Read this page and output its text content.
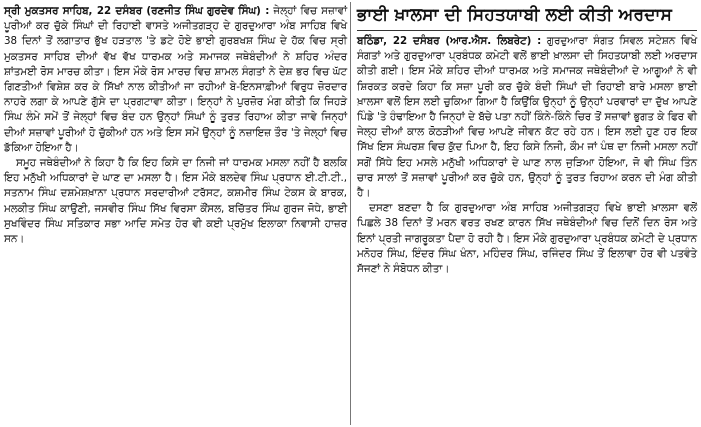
ਸ੍ਰੀ ਮੁਕਤਸਰ ਸਾਹਿਬ, 22 ਦਸੰਬਰ (ਰਣਜੀਤ ਸਿੰਘ ਗੁਰਦੇਵ ਸਿੰਘ) : ਜੇਲ੍ਹਾਂ ਵਿਚ ਸਜ਼ਾਵਾਂ ਪੂਰੀਆਂ ਕਰ ਚੁੱਕੇ ਸਿੰਘਾਂ ਦੀ ਰਿਹਾਈ ਵਾਸਤੇ ਅਜੀਤਗੜ੍ਹ ਦੇ ਗੁਰਦੁਆਰਾ ਅੰਬ ਸਾਹਿਬ ਵਿਖੇ 38 ਦਿਨਾਂ ਤੋਂ ਲਗਾਤਾਰ ਭੁੱਖ ਹੜਤਾਲ 'ਤੇ ਡਟੇ ਹੋਏ ਭਾਈ ਗੁਰਬਖਸ਼ ਸਿੰਘ ਦੇ ਹੱਕ ਵਿਚ ਸ੍ਰੀ ਮੁਕਤਸਰ ਸਾਹਿਬ ਦੀਆਂ ਵੱਖ ਵੱਖ ਧਾਰਮਕ ਅਤੇ ਸਮਾਜਕ ਜਥੇਬੰਦੀਆਂ ਨੇ ਸ਼ਹਿਰ ਅੰਦਰ ਸ਼ਾਂਤਮਈ ਰੋਸ ਮਾਰਚ ਕੀਤਾ। ਇਸ ਮੌਕੇ ਰੋਸ ਮਾਰਚ ਵਿਚ ਸ਼ਾਮਲ ਸੰਗਤਾਂ ਨੇ ਦੇਸ਼ ਭਰ ਵਿਚ ਘੱਟ ਗਿਣਤੀਆਂ ਵਿਸ਼ੇਸ਼ ਕਰ ਕੇ ਸਿੱਖਾਂ ਨਾਲ ਕੀਤੀਆਂ ਜਾ ਰਹੀਆਂ ਬੇ-ਇਨਸਾਫ਼ੀਆਂ ਵਿਰੁਧ ਜ਼ੋਰਦਾਰ ਨਾਹਰੇ ਲਗਾ ਕੇ ਆਪਣੇ ਗੁੱਸੇ ਦਾ ਪ੍ਰਗਟਾਵਾ ਕੀਤਾ। ਇਨ੍ਹਾਂ ਨੇ ਪੁਰਜ਼ੋਰ ਮੰਗ ਕੀਤੀ ਕਿ ਜਿਹੜੇ ਸਿੰਘ ਲੰਮੇ ਸਮੇਂ ਤੋਂ ਜੇਲ੍ਹਾਂ ਵਿਚ ਬੰਦ ਹਨ ਉਨ੍ਹਾਂ ਸਿੰਘਾਂ ਨੂੰ ਤੁਰਤ ਰਿਹਾਅ ਕੀਤਾ ਜਾਵੇ ਜਿਨ੍ਹਾਂ ਦੀਆਂ ਸਜ਼ਾਵਾਂ ਪੂਰੀਆਂ ਹੋ ਚੁੱਕੀਆਂ ਹਨ ਅਤੇ ਇਸ ਸਮੇਂ ਉਨ੍ਹਾਂ ਨੂੰ ਨਜ਼ਾਇਜ਼ ਤੌਰ 'ਤੇ ਜੇਲ੍ਹਾਂ ਵਿਚ ਡੱਕਿਆ ਹੋਇਆ ਹੈ।

ਸਮੂਹ ਜਥੇਬੰਦੀਆਂ ਨੇ ਕਿਹਾ ਹੈ ਕਿ ਇਹ ਕਿਸੇ ਦਾ ਨਿਜੀ ਜਾਂ ਧਾਰਮਕ ਮਸਲਾ ਨਹੀਂ ਹੈ ਬਲਕਿ ਇਹ ਮਨੁੱਖੀ ਅਧਿਕਾਰਾਂ ਦੇ ਘਾਣ ਦਾ ਮਸਲਾ ਹੈ। ਇਸ ਮੌਕੇ ਬਲਦੇਵ ਸਿੰਘ ਪ੍ਰਧਾਨ ਈ.ਟੀ.ਟੀ., ਸਤਨਾਮ ਸਿੰਘ ਦਸ਼ਮੇਸ਼ਖ਼ਾਨਾ ਪ੍ਰਧਾਨ ਸਰਦਾਰੀਆਂ ਟਰੱਸਟ, ਕਸ਼ਮੀਰ ਸਿੰਘ ਟੇਕਸ ਕੇ ਬਾਰਕ, ਮਲਕੀਤ ਸਿੰਘ ਕਾਉਣੀ, ਜਸਵੀਰ ਸਿੰਘ ਸਿੱਖ ਵਿਰਸਾ ਕੌਂਸਲ, ਬਚਿੱਤਰ ਸਿੰਘ ਗੁਰਜ ਜੋਧੇ, ਭਾਈ ਸੁਖਵਿੰਦਰ ਸਿੰਘ ਸਤਿਕਾਰ ਸਭਾ ਆਦਿ ਸਮੇਤ ਹੋਰ ਵੀ ਕਈ ਪ੍ਰਮੁੱਖ ਇਲਾਕਾ ਨਿਵਾਸੀ ਹਾਜ਼ਰ ਸਨ।

ਭਾਈ ਖ਼ਾਲਸਾ ਦੀ ਸਿਹਤਯਾਬੀ ਲਈ ਕੀਤੀ ਅਰਦਾਸ

ਬਠਿੰਡਾ, 22 ਦਸੰਬਰ (ਆਰ.ਐਸ. ਲਿਬਰੇਟ) : ਗੁਰਦੁਆਰਾ ਸੰਗਤ ਸਿਵਲ ਸਟੇਸ਼ਨ ਵਿਖੇ ਸੰਗਤਾਂ ਅਤੇ ਗੁਰਦੁਆਰਾ ਪ੍ਰਬੰਧਕ ਕਮੇਟੀ ਵਲੋਂ ਭਾਈ ਖ਼ਾਲਸਾ ਦੀ ਸਿਹਤਯਾਬੀ ਲਈ ਅਰਦਾਸ ਕੀਤੀ ਗਈ। ਇਸ ਮੌਕੇ ਸ਼ਹਿਰ ਦੀਆਂ ਧਾਰਮਕ ਅਤੇ ਸਮਾਜਕ ਜਥੇਬੰਦੀਆਂ ਦੇ ਆਗੂਆਂ ਨੇ ਵੀ ਸ਼ਿਰਕਤ ਕਰਦੇ ਕਿਹਾ ਕਿ ਸਜ਼ਾ ਪੂਰੀ ਕਰ ਚੁੱਕੇ ਬੰਦੀ ਸਿੰਘਾਂ ਦੀ ਰਿਹਾਈ ਬਾਰੇ ਮਸਲਾ ਭਾਈ ਖ਼ਾਲਸਾ ਵਲੋਂ ਇਸ ਲਈ ਚੁਕਿਆ ਗਿਆ ਹੈ ਕਿਉਂਕਿ ਉਨ੍ਹਾਂ ਨੂੰ ਉਨ੍ਹਾਂ ਪਰਵਾਰਾਂ ਦਾ ਦੁੱਖ ਆਪਣੇ ਪਿੰਡੇ 'ਤੇ ਹੰਢਾਇਆ ਹੈ ਜਿਨ੍ਹਾਂ ਦੇ ਬੱਚੇ ਪਤਾ ਨਹੀਂ ਕਿੰਨੇ-ਕਿੰਨੇ ਚਿਰ ਤੋਂ ਸਜ਼ਾਵਾਂ ਭੁਗਤ ਕੇ ਫਿਰ ਵੀ ਜੇਲ੍ਹ ਦੀਆਂ ਕਾਲ ਕੋਠੜੀਆਂ ਵਿਚ ਆਪਣੇ ਜੀਵਨ ਕੱਟ ਰਹੇ ਹਨ। ਇਸ ਲਈ ਹੁਣ ਹਰ ਇਕ ਸਿੱਖ ਇਸ ਸੰਘਰਸ਼ ਵਿਚ ਕੁੱਦ ਪਿਆ ਹੈ, ਇਹ ਕਿਸੇ ਨਿਜੀ, ਕੌਮ ਜਾਂ ਪੰਥ ਦਾ ਨਿਜੀ ਮਸਲਾ ਨਹੀਂ ਸਗੋਂ ਸਿੱਧੇ ਇਹ ਮਸਲੇ ਮਨੁੱਖੀ ਅਧਿਕਾਰਾਂ ਦੇ ਘਾਣ ਨਾਲ ਜੁੜਿਆ ਹੋਇਆ, ਜੋ ਵੀ ਸਿੰਘ ਤਿੰਨ ਚਾਰ ਸਾਲਾਂ ਤੋਂ ਸਜ਼ਾਵਾਂ ਪੂਰੀਆਂ ਕਰ ਚੁੱਕੇ ਹਨ, ਉਨ੍ਹਾਂ ਨੂੰ ਤੁਰਤ ਰਿਹਾਅ ਕਰਨ ਦੀ ਮੰਗ ਕੀਤੀ ਹੈ।

ਦਸਣਾ ਬਣਦਾ ਹੈ ਕਿ ਗੁਰਦੁਆਰਾ ਅੰਬ ਸਾਹਿਬ ਅਜੀਤਗੜ੍ਹ ਵਿਖੇ ਭਾਈ ਖ਼ਾਲਸਾ ਵਲੋਂ ਪਿਛਲੇ 38 ਦਿਨਾਂ ਤੋਂ ਮਰਨ ਵਰਤ ਰਖਣ ਕਾਰਨ ਸਿੱਖ ਜਥੇਬੰਦੀਆਂ ਵਿਚ ਦਿਨੋਂ ਦਿਨ ਰੋਸ ਅਤੇ ਇਨਾਂ ਪ੍ਰਤੀ ਜਾਗਰੂਕਤਾ ਪੈਦਾ ਹੋ ਰਹੀ ਹੈ। ਇਸ ਮੌਕੇ ਗੁਰਦੁਆਰਾ ਪ੍ਰਬੰਧਕ ਕਮੇਟੀ ਦੇ ਪ੍ਰਧਾਨ ਮਨੋਹਰ ਸਿੰਘ, ਇੰਦਰ ਸਿੰਘ ਖੰਨਾ, ਮਹਿੰਦਰ ਸਿੰਘ, ਰਜਿੰਦਰ ਸਿੰਘ ਤੋਂ ਇਲਾਵਾ ਹੋਰ ਵੀ ਪਤਵੰਤੇ ਸੱਜਣਾਂ ਨੇ ਸੰਬੋਧਨ ਕੀਤਾ।
